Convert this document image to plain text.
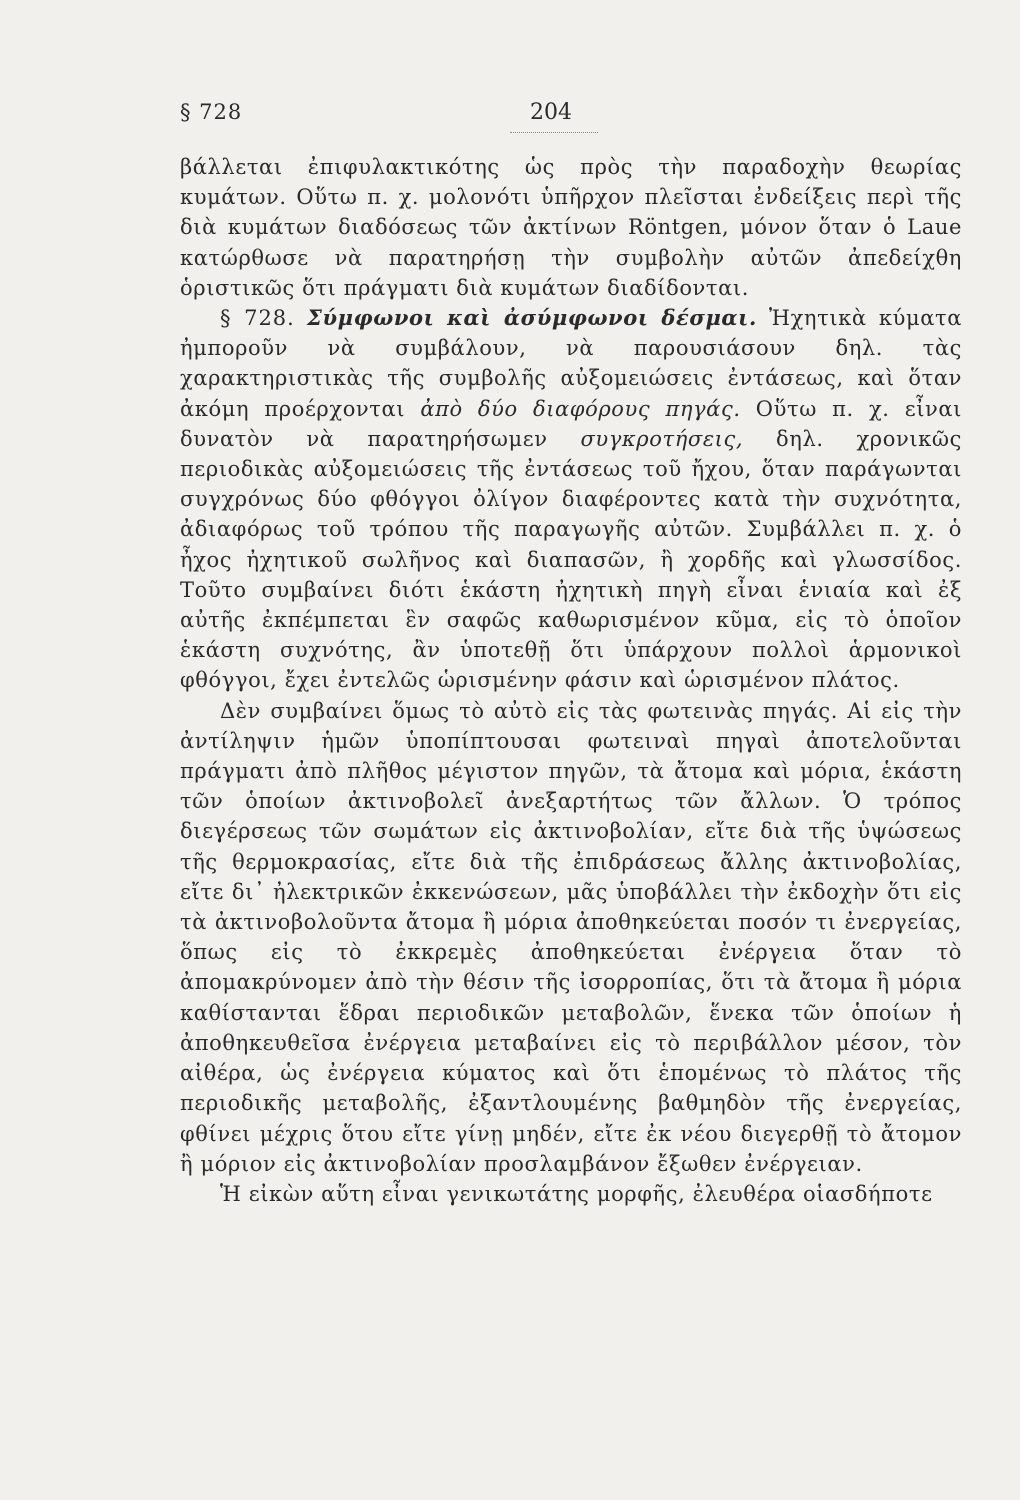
§ 728	204

βάλλεται ἐπιφυλακτικότης ὡς πρὸς τὴν παραδοχὴν θεωρίας κυμάτων. Οὕτω π. χ. μολονότι ὑπῆρχον πλεῖσται ἐνδείξεις περὶ τῆς διὰ κυμάτων διαδόσεως τῶν ἀκτίνων Röntgen, μόνον ὅταν ὁ Laue κατώρθωσε νὰ παρατηρήσῃ τὴν συμβολὴν αὐτῶν ἀπεδείχθη ὁριστικῶς ὅτι πράγματι διὰ κυμάτων διαδίδονται.

§ 728. Σύμφωνοι καὶ ἀσύμφωνοι δέσμαι. Ἠχητικὰ κύματα ἠμποροῦν νὰ συμβάλουν, νὰ παρουσιάσουν δηλ. τὰς χαρακτηριστικὰς τῆς συμβολῆς αὐξομειώσεις ἐντάσεως, καὶ ὅταν ἀκόμη προέρχονται ἀπὸ δύο διαφόρους πηγάς. Οὕτω π. χ. εἶναι δυνατὸν νὰ παρατηρήσωμεν συγκροτήσεις, δηλ. χρονικῶς περιοδικὰς αὐξομειώσεις τῆς ἐντάσεως τοῦ ἤχου, ὅταν παράγωνται συγχρόνως δύο φθόγγοι ὀλίγον διαφέροντες κατὰ τὴν συχνότητα, ἀδιαφόρως τοῦ τρόπου τῆς παραγωγῆς αὐτῶν. Συμβάλλει π. χ. ὁ ἦχος ἠχητικοῦ σωλῆνος καὶ διαπασῶν, ἢ χορδῆς καὶ γλωσσίδος. Τοῦτο συμβαίνει διότι ἑκάστη ἠχητικὴ πηγὴ εἶναι ἑνιαία καὶ ἐξ αὐτῆς ἐκπέμπεται ἓν σαφῶς καθωρισμένον κῦμα, εἰς τὸ ὁποῖον ἑκάστη συχνότης, ἂν ὑποτεθῇ ὅτι ὑπάρχουν πολλοὶ ἁρμονικοὶ φθόγγοι, ἔχει ἐντελῶς ὡρισμένην φάσιν καὶ ὡρισμένον πλάτος.

Δὲν συμβαίνει ὅμως τὸ αὐτὸ εἰς τὰς φωτεινὰς πηγάς. Αἱ εἰς τὴν ἀντίληψιν ἡμῶν ὑποπίπτουσαι φωτειναὶ πηγαὶ ἀποτελοῦνται πράγματι ἀπὸ πλῆθος μέγιστον πηγῶν, τὰ ἄτομα καὶ μόρια, ἑκάστη τῶν ὁποίων ἀκτινοβολεῖ ἀνεξαρτήτως τῶν ἄλλων. Ὁ τρόπος διεγέρσεως τῶν σωμάτων εἰς ἀκτινοβολίαν, εἴτε διὰ τῆς ὑψώσεως τῆς θερμοκρασίας, εἴτε διὰ τῆς ἐπιδράσεως ἄλλης ἀκτινοβολίας, εἴτε δι᾽ ἠλεκτρικῶν ἐκκενώσεων, μᾶς ὑποβάλλει τὴν ἐκδοχὴν ὅτι εἰς τὰ ἀκτινοβολοῦντα ἄτομα ἢ μόρια ἀποθηκεύεται ποσόν τι ἐνεργείας, ὅπως εἰς τὸ ἐκκρεμὲς ἀποθηκεύεται ἐνέργεια ὅταν τὸ ἀπομακρύνομεν ἀπὸ τὴν θέσιν τῆς ἰσορροπίας, ὅτι τὰ ἄτομα ἢ μόρια καθίστανται ἕδραι περιοδικῶν μεταβολῶν, ἕνεκα τῶν ὁποίων ἡ ἀποθηκευθεῖσα ἐνέργεια μεταβαίνει εἰς τὸ περιβάλλον μέσον, τὸν αἰθέρα, ὡς ἐνέργεια κύματος καὶ ὅτι ἑπομένως τὸ πλάτος τῆς περιοδικῆς μεταβολῆς, ἐξαντλουμένης βαθμηδὸν τῆς ἐνεργείας, φθίνει μέχρις ὅτου εἴτε γίνῃ μηδέν, εἴτε ἐκ νέου διεγερθῇ τὸ ἄτομον ἢ μόριον εἰς ἀκτινοβολίαν προσλαμβάνον ἔξωθεν ἐνέργειαν.

Ἡ εἰκὼν αὕτη εἶναι γενικωτάτης μορφῆς, ἐλευθέρα οἱασδήποτε
